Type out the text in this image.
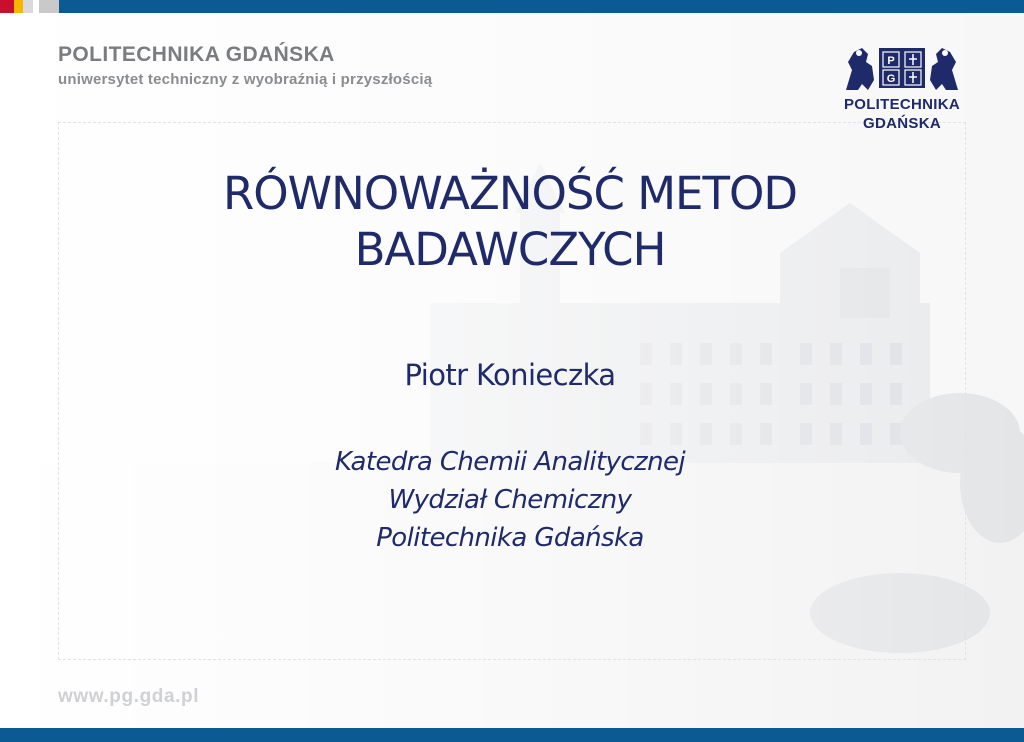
POLITECHNIKA GDAŃSKA
uniwersytet techniczny z wyobraźnią i przyszłością
P
G
POLITECHNIKA
GDAŃSKA
RÓWNOWAŻNOŚĆ METOD
BADAWCZYCH
Piotr Konieczka
Katedra Chemii Analitycznej
Wydział Chemiczny
Politechnika Gdańska
www.pg.gda.pl
